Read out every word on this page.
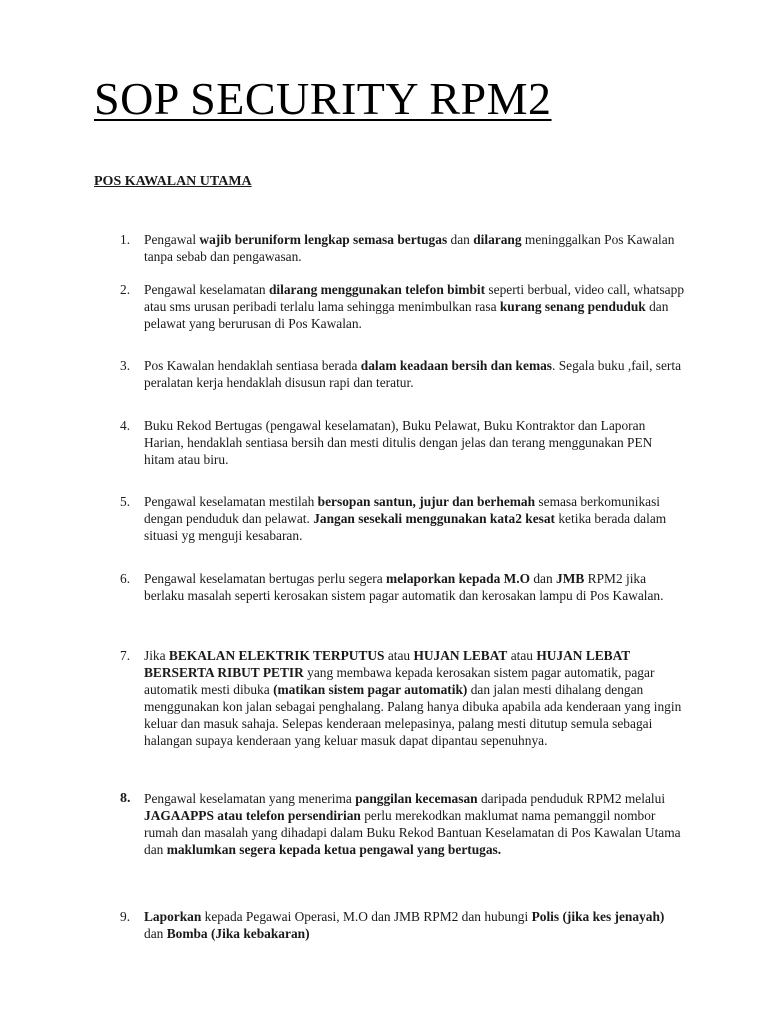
SOP SECURITY RPM2
POS KAWALAN UTAMA
1.	Pengawal wajib beruniform lengkap semasa bertugas dan dilarang meninggalkan Pos Kawalan tanpa sebab dan pengawasan.
2.	Pengawal keselamatan dilarang menggunakan telefon bimbit seperti berbual, video call, whatsapp atau sms urusan peribadi terlalu lama sehingga menimbulkan rasa kurang senang penduduk dan pelawat yang berurusan di Pos Kawalan.
3.	Pos Kawalan hendaklah sentiasa berada dalam keadaan bersih dan kemas. Segala buku ,fail, serta peralatan kerja hendaklah disusun rapi dan teratur.
4.	Buku Rekod Bertugas (pengawal keselamatan), Buku Pelawat, Buku Kontraktor dan Laporan Harian, hendaklah sentiasa bersih dan mesti ditulis dengan jelas dan terang menggunakan PEN hitam atau biru.
5.	Pengawal keselamatan mestilah bersopan santun, jujur dan berhemah semasa berkomunikasi dengan penduduk dan pelawat. Jangan sesekali menggunakan kata2 kesat ketika berada dalam situasi yg menguji kesabaran.
6.	Pengawal keselamatan bertugas perlu segera melaporkan kepada M.O dan JMB RPM2 jika berlaku masalah seperti kerosakan sistem pagar automatik dan kerosakan lampu di Pos Kawalan.
7.	Jika BEKALAN ELEKTRIK TERPUTUS atau HUJAN LEBAT atau HUJAN LEBAT BERSERTA RIBUT PETIR yang membawa kepada kerosakan sistem pagar automatik, pagar automatik mesti dibuka (matikan sistem pagar automatik) dan jalan mesti dihalang dengan menggunakan kon jalan sebagai penghalang. Palang hanya dibuka apabila ada kenderaan yang ingin keluar dan masuk sahaja. Selepas kenderaan melepasinya, palang mesti ditutup semula sebagai halangan supaya kenderaan yang keluar masuk dapat dipantau sepenuhnya.
8.	Pengawal keselamatan yang menerima panggilan kecemasan daripada penduduk RPM2 melalui JAGAAPPS atau telefon persendirian perlu merekodkan maklumat nama pemanggil nombor rumah dan masalah yang dihadapi dalam Buku Rekod Bantuan Keselamatan di Pos Kawalan Utama dan maklumkan segera kepada ketua pengawal yang bertugas.
9.	Laporkan kepada Pegawai Operasi, M.O dan JMB RPM2 dan hubungi Polis (jika kes jenayah) dan Bomba (Jika kebakaran)
